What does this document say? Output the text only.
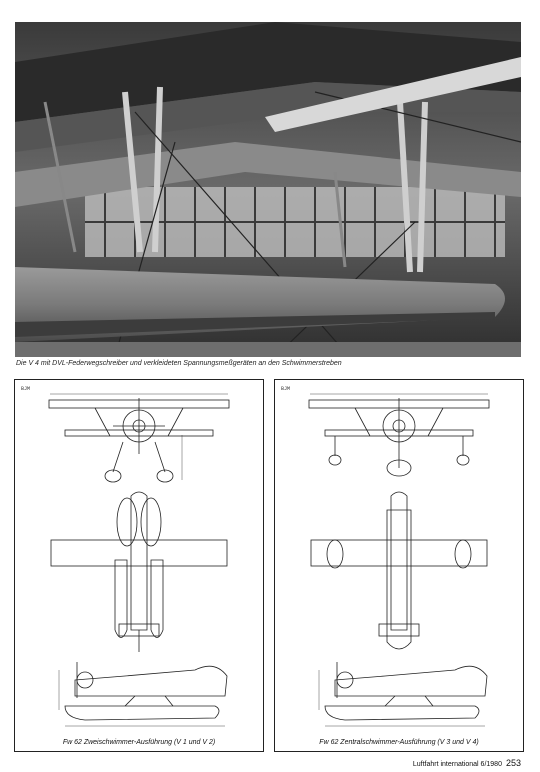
Die V 4 mit DVL-Federwegschreiber und verkleideten Spannungsmeßgeräten an den Schwimmerstreben
BJM
Fw 62 Zweischwimmer-Ausführung (V 1 und V 2)
BJM
Fw 62 Zentralschwimmer-Ausführung (V 3 und V 4)
Luftfahrt international 6/1980 253
